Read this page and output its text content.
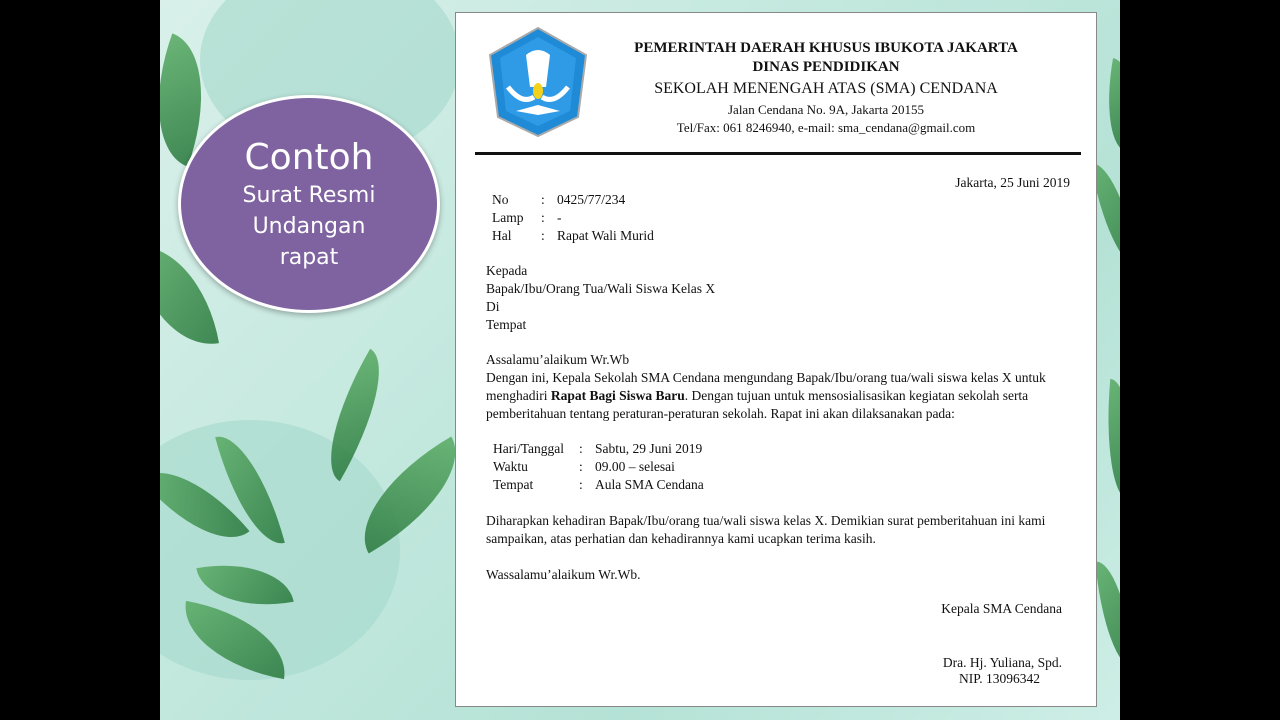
Contoh
Surat Resmi
Undangan
rapat
PEMERINTAH DAERAH KHUSUS IBUKOTA JAKARTA
DINAS PENDIDIKAN
SEKOLAH MENENGAH ATAS (SMA) CENDANA
Jalan Cendana No. 9A, Jakarta 20155
Tel/Fax: 061 8246940, e-mail: sma_cendana@gmail.com
Jakarta, 25 Juni 2019
No : 0425/77/234
Lamp : -
Hal : Rapat Wali Murid
Kepada
Bapak/Ibu/Orang Tua/Wali Siswa Kelas X
Di
Tempat
Assalamu’alaikum Wr.Wb
Dengan ini, Kepala Sekolah SMA Cendana mengundang Bapak/Ibu/orang tua/wali siswa kelas X untuk
menghadiri Rapat Bagi Siswa Baru. Dengan tujuan untuk mensosialisasikan kegiatan sekolah serta
pemberitahuan tentang peraturan-peraturan sekolah. Rapat ini akan dilaksanakan pada:
Hari/Tanggal : Sabtu, 29 Juni 2019
Waktu	: 09.00 – selesai
Tempat	: Aula SMA Cendana
Diharapkan kehadiran Bapak/Ibu/orang tua/wali siswa kelas X. Demikian surat pemberitahuan ini kami
sampaikan, atas perhatian dan kehadirannya kami ucapkan terima kasih.
Wassalamu’alaikum Wr.Wb.
Kepala SMA Cendana
Dra. Hj. Yuliana, Spd.
NIP. 13096342
